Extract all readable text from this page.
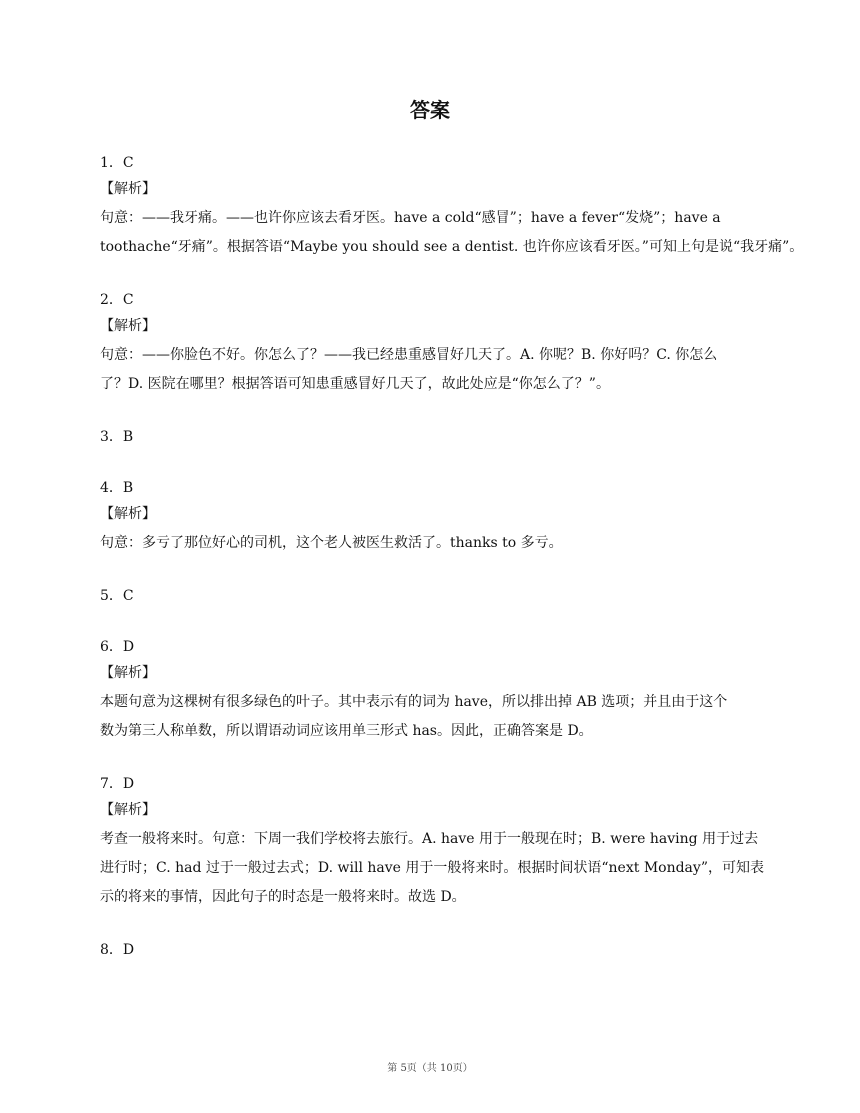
答案
1．C
【解析】
句意：——我牙痛。——也许你应该去看牙医。have a cold“感冒”；have a fever“发烧”；have a
toothache“牙痛”。根据答语“Maybe you should see a dentist. 也许你应该看牙医。”可知上句是说“我牙痛”。
2．C
【解析】
句意：——你脸色不好。你怎么了？——我已经患重感冒好几天了。A. 你呢？B. 你好吗？C. 你怎么
了？D. 医院在哪里？根据答语可知患重感冒好几天了，故此处应是“你怎么了？”。
3．B
4．B
【解析】
句意：多亏了那位好心的司机，这个老人被医生救活了。thanks to 多亏。
5．C
6．D
【解析】
本题句意为这棵树有很多绿色的叶子。其中表示有的词为 have，所以排出掉 AB 选项；并且由于这个
数为第三人称单数，所以谓语动词应该用单三形式 has。因此，正确答案是 D。
7．D
【解析】
考查一般将来时。句意：下周一我们学校将去旅行。A. have 用于一般现在时；B. were having 用于过去
进行时；C. had 过于一般过去式；D. will have 用于一般将来时。根据时间状语“next Monday”，可知表
示的将来的事情，因此句子的时态是一般将来时。故选 D。
8．D
第 5页（共 10页）
